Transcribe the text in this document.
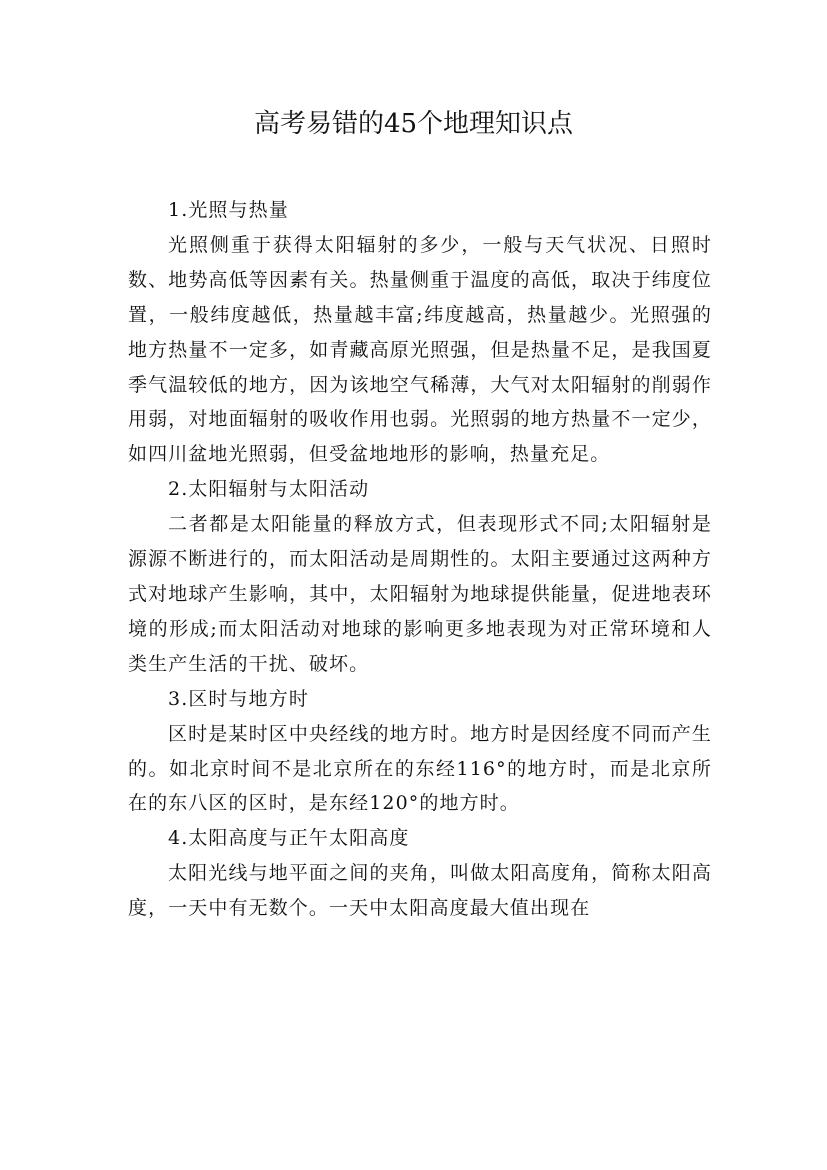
高考易错的45个地理知识点

1.光照与热量

光照侧重于获得太阳辐射的多少，一般与天气状况、日照时数、地势高低等因素有关。热量侧重于温度的高低，取决于纬度位置，一般纬度越低，热量越丰富;纬度越高，热量越少。光照强的地方热量不一定多，如青藏高原光照强，但是热量不足，是我国夏季气温较低的地方，因为该地空气稀薄，大气对太阳辐射的削弱作用弱，对地面辐射的吸收作用也弱。光照弱的地方热量不一定少，如四川盆地光照弱，但受盆地地形的影响，热量充足。

2.太阳辐射与太阳活动

二者都是太阳能量的释放方式，但表现形式不同;太阳辐射是源源不断进行的，而太阳活动是周期性的。太阳主要通过这两种方式对地球产生影响，其中，太阳辐射为地球提供能量，促进地表环境的形成;而太阳活动对地球的影响更多地表现为对正常环境和人类生产生活的干扰、破坏。

3.区时与地方时

区时是某时区中央经线的地方时。地方时是因经度不同而产生的。如北京时间不是北京所在的东经116°的地方时，而是北京所在的东八区的区时，是东经120°的地方时。

4.太阳高度与正午太阳高度

太阳光线与地平面之间的夹角，叫做太阳高度角，简称太阳高度，一天中有无数个。一天中太阳高度最大值出现在
